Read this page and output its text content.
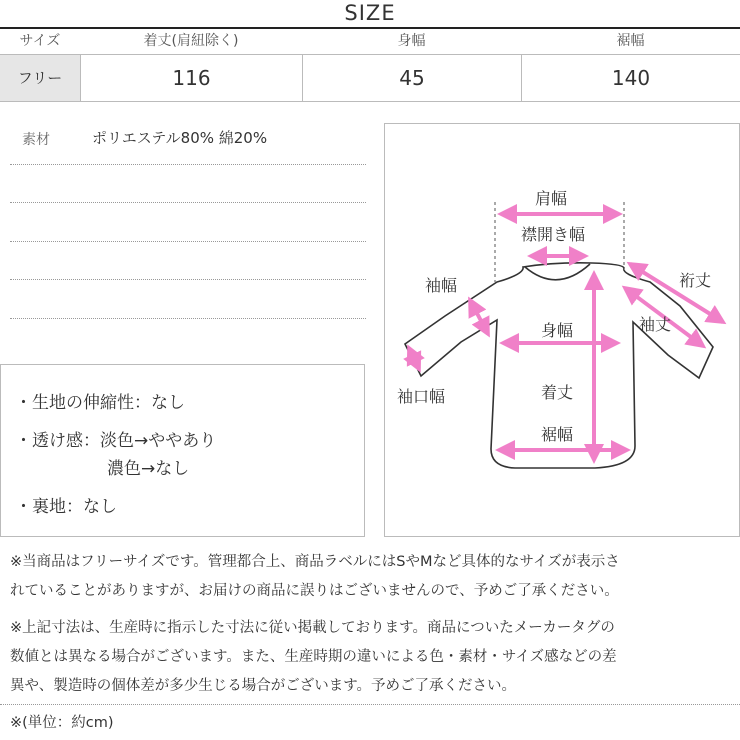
SIZE
サイズ	着丈(肩紐除く)	身幅	裾幅
フリー	116	45	140
素材	ポリエステル80% 綿20%
・生地の伸縮性：なし
・透け感：淡色→ややあり
濃色→なし
・裏地：なし
肩幅
襟開き幅
袖幅	裄丈
身幅	袖丈
袖口幅	着丈
裾幅
※当商品はフリーサイズです。管理都合上、商品ラベルにはSやMなど具体的なサイズが表示さ
れていることがありますが、お届けの商品に誤りはございませんので、予めご了承ください。
※上記寸法は、生産時に指示した寸法に従い掲載しております。商品についたメーカータグの
数値とは異なる場合がございます。また、生産時期の違いによる色・素材・サイズ感などの差
異や、製造時の個体差が多少生じる場合がございます。予めご了承ください。
※(単位：約cm)
